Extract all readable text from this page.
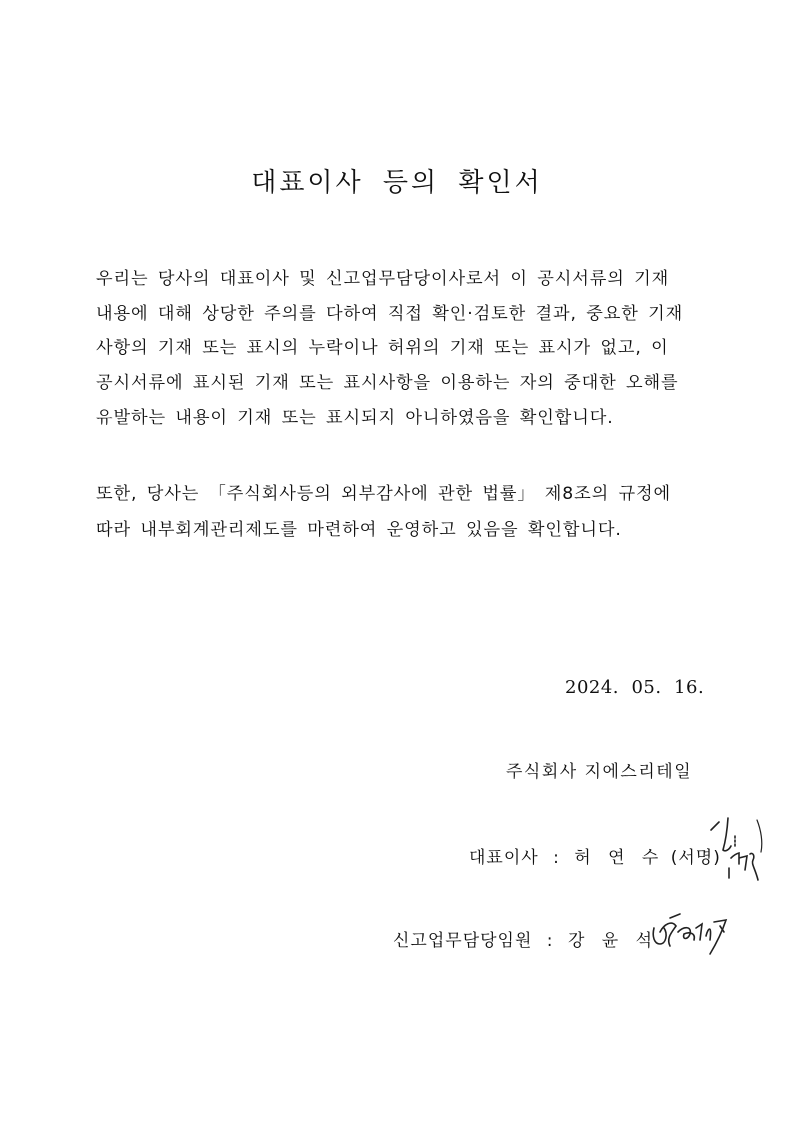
대표이사 등의 확인서
우리는 당사의 대표이사 및 신고업무담당이사로서 이 공시서류의 기재
내용에 대해 상당한 주의를 다하여 직접 확인·검토한 결과, 중요한 기재
사항의 기재 또는 표시의 누락이나 허위의 기재 또는 표시가 없고, 이
공시서류에 표시된 기재 또는 표시사항을 이용하는 자의 중대한 오해를
유발하는 내용이 기재 또는 표시되지 아니하였음을 확인합니다.
또한, 당사는 「주식회사등의 외부감사에 관한 법률」 제8조의 규정에
따라 내부회계관리제도를 마련하여 운영하고 있음을 확인합니다.
2024.  05.  16.
주식회사 지에스리테일
대표이사 : 허 연 수 (서명)
신고업무담당임원 : 강 윤 석
